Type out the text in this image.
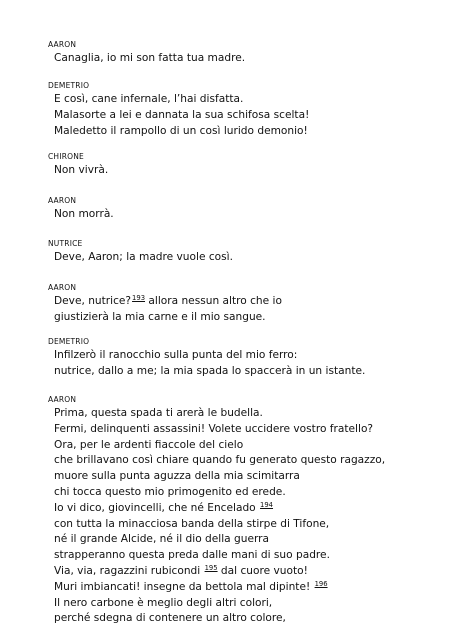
AARON
Canaglia, io mi son fatta tua madre.
DEMETRIO
E così, cane infernale, l’hai disfatta.
Malasorte a lei e dannata la sua schifosa scelta!
Maledetto il rampollo di un così lurido demonio!
CHIRONE
Non vivrà.
AARON
Non morrà.
NUTRICE
Deve, Aaron; la madre vuole così.
AARON
Deve, nutrice?$^{193}$ allora nessun altro che io
giustizierà la mia carne e il mio sangue.
DEMETRIO
Infilzerò il ranocchio sulla punta del mio ferro:
nutrice, dallo a me; la mia spada lo spaccerà in un istante.
AARON
Prima, questa spada ti arerà le budella.
Fermi, delinquenti assassini! Volete uccidere vostro fratello?
Ora, per le ardenti fiaccole del cielo
che brillavano così chiare quando fu generato questo ragazzo,
muore sulla punta aguzza della mia scimitarra
chi tocca questo mio primogenito ed erede.
Io vi dico, giovincelli, che né Encelado $^{194}$
con tutta la minacciosa banda della stirpe di Tifone,
né il grande Alcide, né il dio della guerra
strapperanno questa preda dalle mani di suo padre.
Via, via, ragazzini rubicondi $^{195}$ dal cuore vuoto!
Muri imbiancati! insegne da bettola mal dipinte! $^{196}$
Il nero carbone è meglio degli altri colori,
perché sdegna di contenere un altro colore,
